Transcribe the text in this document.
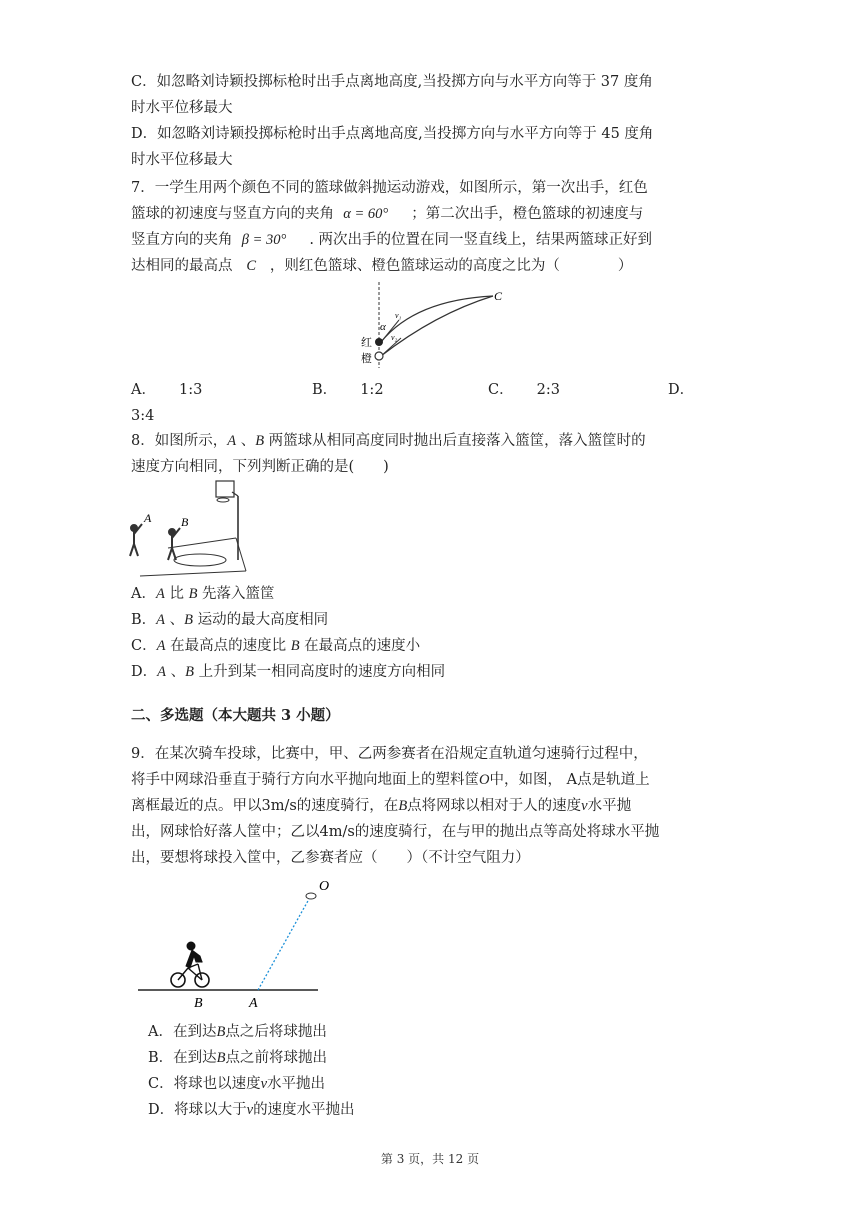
C．如忽略刘诗颖投掷标枪时出手点离地高度,当投掷方向与水平方向等于 37 度角
时水平位移最大
D．如忽略刘诗颖投掷标枪时出手点离地高度,当投掷方向与水平方向等于 45 度角
时水平位移最大
7．一学生用两个颜色不同的篮球做斜抛运动游戏，如图所示，第一次出手，红色
篮球的初速度与竖直方向的夹角 α = 60° ；第二次出手，橙色篮球的初速度与
竖直方向的夹角 β = 30° . 两次出手的位置在同一竖直线上，结果两篮球正好到
达相同的最高点 C ，则红色篮球、橙色篮球运动的高度之比为（　　　　）
C
α
v₁
v₂
红
橙
A． 1:3	B． 1:2	C． 2:3	D．
3:4
8．如图所示，A 、B 两篮球从相同高度同时抛出后直接落入篮筐，落入篮筐时的
速度方向相同，下列判断正确的是(　　)
A B
A．A 比 B 先落入篮筐
B．A 、B 运动的最大高度相同
C．A 在最高点的速度比 B 在最高点的速度小
D．A 、B 上升到某一相同高度时的速度方向相同
二、多选题（本大题共 3 小题）
9．在某次骑车投球，比赛中，甲、乙两参赛者在沿规定直轨道匀速骑行过程中，
将手中网球沿垂直于骑行方向水平抛向地面上的塑料筐O中，如图， A点是轨道上
离框最近的点。甲以3m/s的速度骑行，在B点将网球以相对于人的速度v水平抛
出，网球恰好落人筐中；乙以4m/s的速度骑行，在与甲的抛出点等高处将球水平抛
出，要想将球投入筐中，乙参赛者应（　　）（不计空气阻力）
O
B	A
A．在到达B点之后将球抛出
B．在到达B点之前将球抛出
C．将球也以速度v水平抛出
D．将球以大于v的速度水平抛出
第 3 页，共 12 页
